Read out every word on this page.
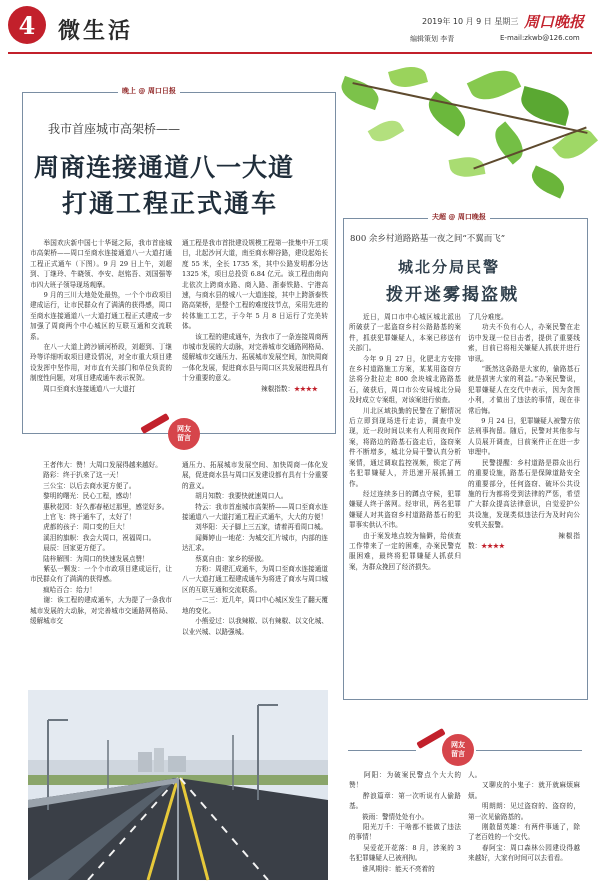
4	微生活	2019年 10 月 9 日 星期三 周口晚报
编辑策划 李青	E-mail:zkwb@126.com
晚上 @ 周口日报
我市首座城市高架桥——
周商连接通道八一大道
打通工程正式通车
　　举国欢庆新中国七十华诞之际，我市首座城市高架桥——周口至商水连接通道八一大道打通工程正式通车（下图）。9 月 29 日上午，刘超到、丁继玲、牛晓领、李安、赵铭吾、刘国强等市四大班子领导现场观摩。
　　9 月的三川大地处处最热，一个个市政项目建成运行，让市民群众有了满满的获得感，周口至商水连接通道八一大道打通工程正式建成一步加强了周商两个中心城区的互联互通和交流联系。
　　在八一大道上跨沙颍河桥段，刘超到、丁继玲等详细听取项目建设情况，对全市重大项目建设发挥中坚作用，对市直有关部门和单位负责的制度性问题，对项目建成通车表示祝贺。
　　周口至商水连接通道八一大道打
通工程是我市首批建设规模工程第一批集中开工项目，北起沙河大道，南至商水柳谷路，建设起始长度 55 米，全长 1735 米，其中公路发明都分达 1325 米，项目总投资 6.84 亿元。该工程由南向北依次上跨商水路、商入路、浙泰铁路、宁港高速，与商水县的城八一大道连接，其中上跨浙泰铁路高架桥，是整个工程的难度技节点，采用先进的转体施工工艺，于今年 5 月 8 日运行了完美转体。
　　该工程的建成通车，为我市了一条连接周商两市城市发展的大动脉，对完善城市交通路网格局、缓解城市交通压力、拓展城市发展空间，加快周商一体化发展，促进商水县与周口区共发展进程具有十分重要的意义。
　　　　　　　　　　　　辣椒指数：★★★★
网友
留言
　　王者伟大：赞！大周口发展得越来越好。
　　路彩：终于扒来了这一天！
　　三公宝：以后去商水更方便了。
　　黎明的曙光：民心工程，感动！
　　惠秋花园：好久都春秘过那里，感觉好多。
　　上官飞：终于通车了，太好了！
　　虎都的孩子：周口变的巨大！
　　溪泪的旗帜：我会大周口，祝福周口。
　　晨辰：回家更方便了。
　　陆梓解围：为周口的快速发展点赞！
　　紫弘一颗发：一个个市政项目建成运行，让市民群众有了满满的获得感。
　　疯哈百合：给力！
　　谢：诶工程的建成通车，大为提了一条我市城市发展的大动脉，对完善城市交通路网格局、缓解城市交
通压力、拓展城市发展空间、加快周商一体化发展，促进商水县与周口区发建设都有具有十分重要的意义。
　　胡月知数：我要快就速周口人。
　　特云：我市首座城市高架桥——周口至商水连接通道八一大道打通工程正式通车，大大的方便！
　　刘华阳：天子脚上三五家，请着再看周口城。
　　闻舞婷山一地花：为城交汇片城市，内部的连达汇求。
　　蔡莫自由：家乡的骄傲。
　　方粉：周建汇成通车，为周口至商水连接通道八一大道打通工程建成通车为将进了商水与周口城区的互联互通和交流联系。
　　一二三：近几年，周口中心城区发生了翻天覆地的变化。
　　小熊爱过：以我辣椒、以有辣椒、以文化城、以业兴城、以路强城。
夫超 @ 周口晚报
800 余乡村道路路基一夜之间“不翼而飞”
城北分局民警
拨开迷雾揭盗贼
　　近日，周口市中心城区城北派出所破获了一起盗窃乡村公路路基的案件，抓获犯罪嫌疑人，本案已移送有关部门。
　　今年 9 月 27 日，化肥北方安排在乡村道路施工方案，某某用盗窃方法将分批拉走 800 余块城北路路基石，破获后，周口市公安局城北分局及时成立专案组，对该案进行侦查。
　　川北区域执勤的民警在了解情况后立即到现场进行走访，调查中发现，近一段时间以来有人利用夜间作案，将路边的路基石盗走后，盗窃案件不断增多，城北分局干警认真分析案情，通过调取监控视频，锁定了两名犯罪嫌疑人，并迅速开展抓捕工作。
　　经过连续多日的蹲点守候，犯罪嫌疑人终于落网。经审讯，两名犯罪嫌疑人对其盗窃乡村道路路基石的犯罪事实供认不讳。
　　由于案发地点较为偏僻，给侦查工作带来了一定的困难，办案民警克服困难，最终将犯罪嫌疑人抓获归案，为群众挽回了经济损失。
了几分难度。
　　功夫不负有心人，办案民警在走访中发现一位目击者，提供了重要线索，目前已将相关嫌疑人抓获并进行审讯。
　　“既然这条路是大家的，偷路基石就是损害大家的利益。”办案民警说，犯罪嫌疑人在交代中表示，因为贪图小利，才做出了违法的事情，现在非常后悔。
　　9 月 24 日，犯罪嫌疑人被警方依法刑事拘留。随后，民警对其他参与人员展开调查，目前案件正在进一步审理中。
　　民警提醒：乡村道路是群众出行的重要设施，路基石是保障道路安全的重要部分，任何盗窃、破坏公共设施的行为都将受到法律的严惩，希望广大群众提高法律意识，自觉爱护公共设施，发现类似违法行为及时向公安机关报警。
　　　　　　　　　　　　辣椒指数：★★★★
网友
留言
　　阿阳：为破案民警点个大大的赞！
　　醉浪篇章：第一次听说有人偷路基。
　　筱雨：警情处处有小。
　　阳光万千：干啥都不能做了违法的事情！
　　吴爱花开花落：8 月，涉案的 3 名犯罪嫌疑人已被刑拘。
　　谁风期待：能天不亮着的
人。
　　又聊皮的小鬼子：就开就麻烦麻烦。
　　明朗朗：见过盗窃的、盗窃的，第一次见偷路基的。
　　刚散留英雄：有两件事通了，除了老百姓的一个交代。
　　春阿宝：周口森林公园建设得越来越好，大家有时间可以去看看。
